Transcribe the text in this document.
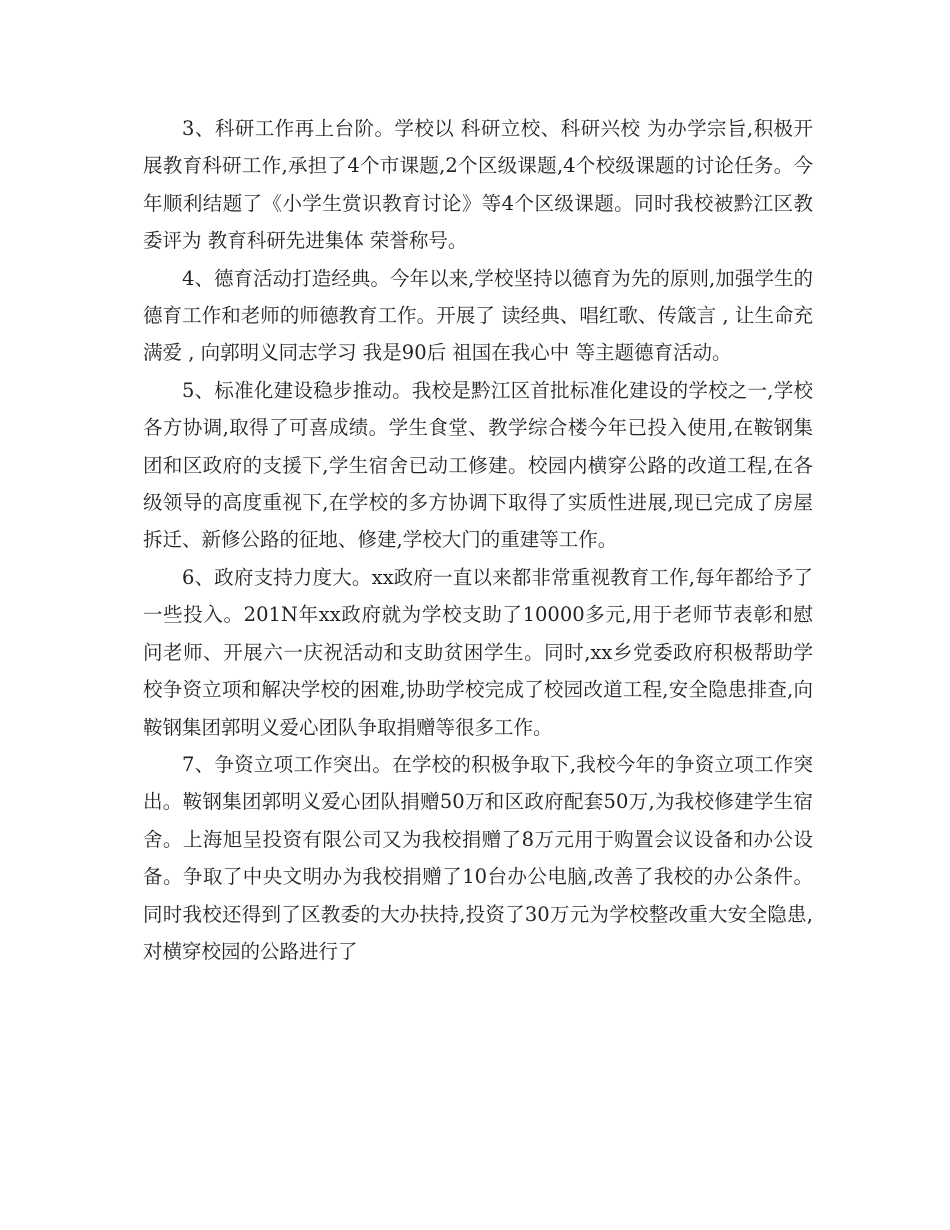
3、科研工作再上台阶。学校以 科研立校、科研兴校 为办学宗旨,积极开展教育科研工作,承担了4个市课题,2个区级课题,4个校级课题的讨论任务。今年顺利结题了《小学生赏识教育讨论》等4个区级课题。同时我校被黔江区教委评为 教育科研先进集体 荣誉称号。

4、德育活动打造经典。今年以来,学校坚持以德育为先的原则,加强学生的德育工作和老师的师德教育工作。开展了 读经典、唱红歌、传箴言 , 让生命充满爱 , 向郭明义同志学习 我是90后 祖国在我心中 等主题德育活动。

5、标准化建设稳步推动。我校是黔江区首批标准化建设的学校之一,学校各方协调,取得了可喜成绩。学生食堂、教学综合楼今年已投入使用,在鞍钢集团和区政府的支援下,学生宿舍已动工修建。校园内横穿公路的改道工程,在各级领导的高度重视下,在学校的多方协调下取得了实质性进展,现已完成了房屋拆迁、新修公路的征地、修建,学校大门的重建等工作。

6、政府支持力度大。xx政府一直以来都非常重视教育工作,每年都给予了一些投入。201N年xx政府就为学校支助了10000多元,用于老师节表彰和慰问老师、开展六一庆祝活动和支助贫困学生。同时,xx乡党委政府积极帮助学校争资立项和解决学校的困难,协助学校完成了校园改道工程,安全隐患排查,向鞍钢集团郭明义爱心团队争取捐赠等很多工作。

7、争资立项工作突出。在学校的积极争取下,我校今年的争资立项工作突出。鞍钢集团郭明义爱心团队捐赠50万和区政府配套50万,为我校修建学生宿舍。上海旭呈投资有限公司又为我校捐赠了8万元用于购置会议设备和办公设备。争取了中央文明办为我校捐赠了10台办公电脑,改善了我校的办公条件。同时我校还得到了区教委的大办扶持,投资了30万元为学校整改重大安全隐患,对横穿校园的公路进行了
